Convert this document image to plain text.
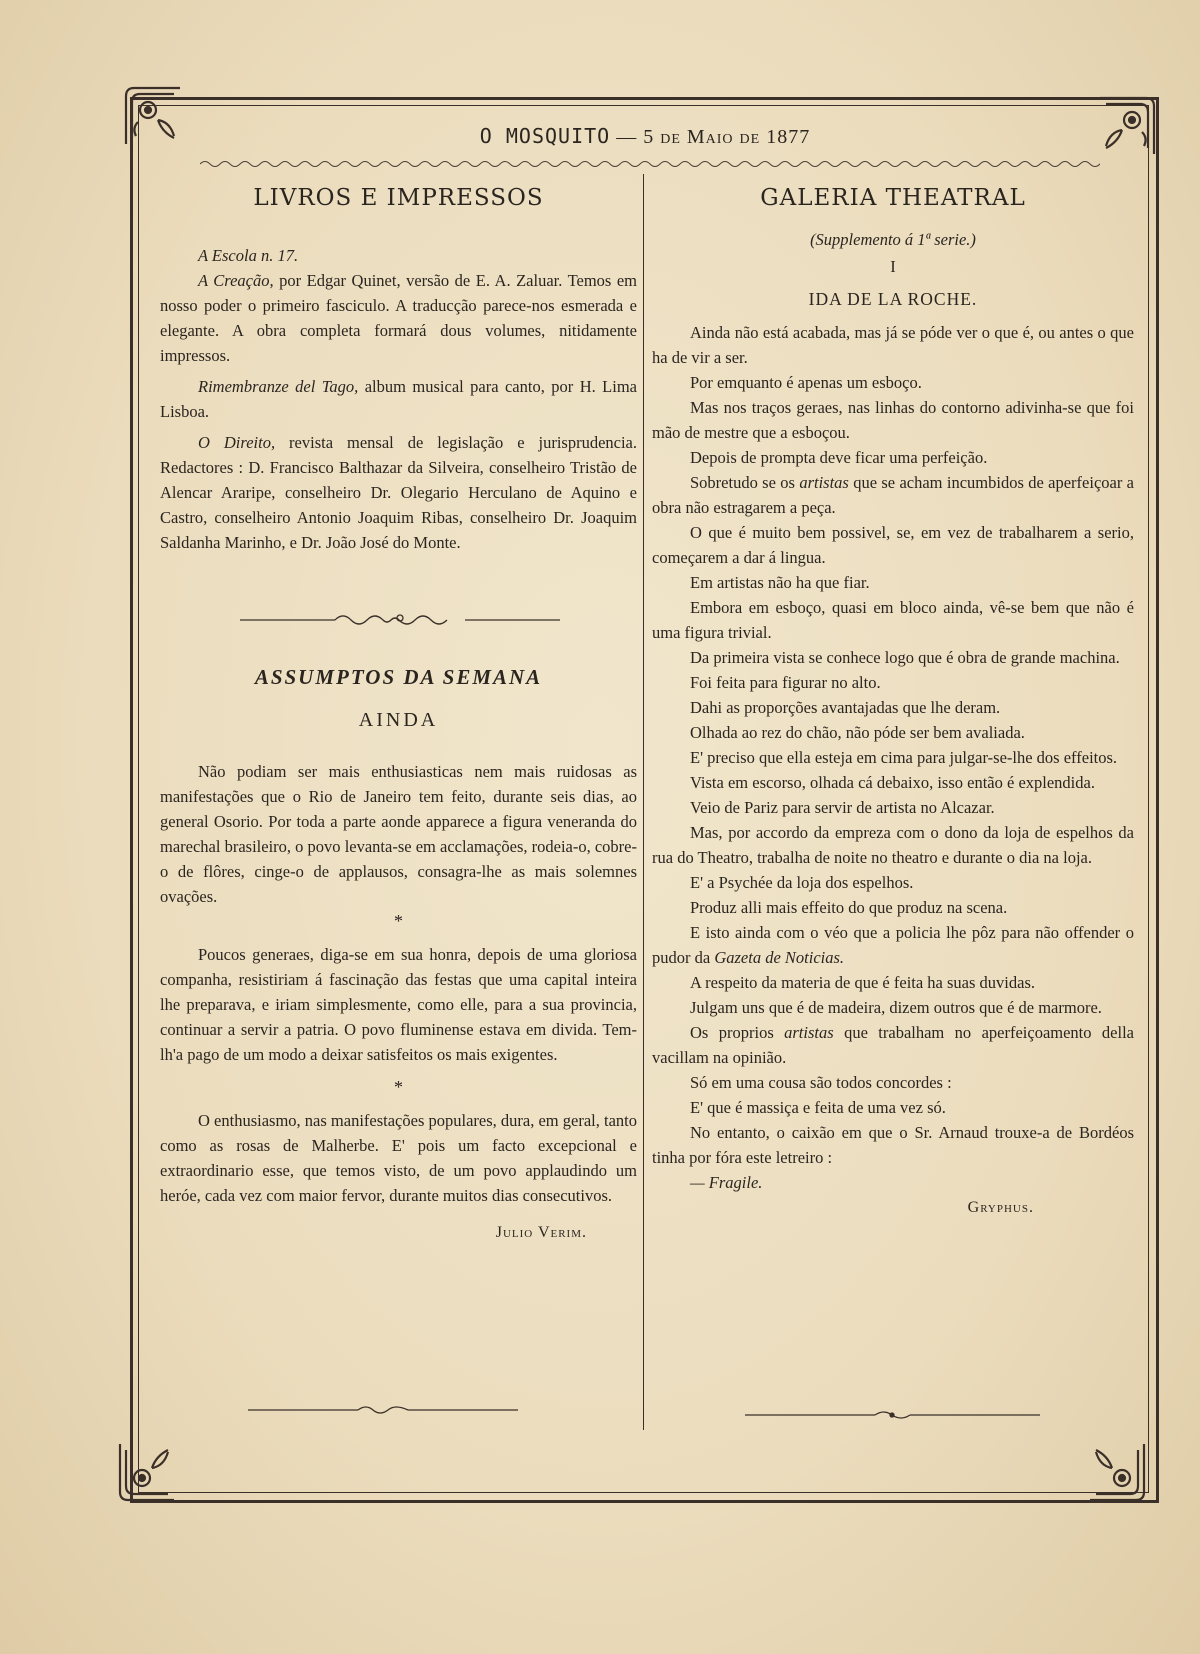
O MOSQUITO — 5 de Maio de 1877
LIVROS E IMPRESSOS

A Escola n. 17.

A Creação, por Edgar Quinet, versão de E. A. Zaluar. Temos em nosso poder o primeiro fasciculo. A traducção parece-nos esmerada e elegante. A obra completa formará dous volumes, nitidamente impressos.

Rimembranze del Tago, album musical para canto, por H. Lima Lisboa.

O Direito, revista mensal de legislação e jurisprudencia. Redactores : D. Francisco Balthazar da Silveira, conselheiro Tristão de Alencar Araripe, conselheiro Dr. Olegario Herculano de Aquino e Castro, conselheiro Antonio Joaquim Ribas, conselheiro Dr. Joaquim Saldanha Marinho, e Dr. João José do Monte.

ASSUMPTOS DA SEMANA
AINDA

Não podiam ser mais enthusiasticas nem mais ruidosas as manifestações que o Rio de Janeiro tem feito, durante seis dias, ao general Osorio. Por toda a parte aonde apparece a figura veneranda do marechal brasileiro, o povo levanta-se em acclamações, rodeia-o, cobre-o de flôres, cinge-o de applausos, consagra-lhe as mais solemnes ovações.

*

Poucos generaes, diga-se em sua honra, depois de uma gloriosa companha, resistiriam á fascinação das festas que uma capital inteira lhe preparava, e iriam simplesmente, como elle, para a sua provincia, continuar a servir a patria. O povo fluminense estava em divida. Tem-lh'a pago de um modo a deixar satisfeitos os mais exigentes.

*

O enthusiasmo, nas manifestações populares, dura, em geral, tanto como as rosas de Malherbe. E' pois um facto excepcional e extraordinario esse, que temos visto, de um povo applaudindo um heróe, cada vez com maior fervor, durante muitos dias consecutivos.

Julio Verim.
GALERIA THEATRAL
(Supplemento á 1ª serie.)
I
IDA DE LA ROCHE.

Ainda não está acabada, mas já se póde ver o que é, ou antes o que ha de vir a ser.

Por emquanto é apenas um esboço.

Mas nos traços geraes, nas linhas do contorno adivinha-se que foi mão de mestre que a esboçou.

Depois de prompta deve ficar uma perfeição.

Sobretudo se os artistas que se acham incumbidos de aperfeiçoar a obra não estragarem a peça.

O que é muito bem possivel, se, em vez de trabalharem a serio, começarem a dar á lingua.

Em artistas não ha que fiar.

Embora em esboço, quasi em bloco ainda, vê-se bem que não é uma figura trivial.

Da primeira vista se conhece logo que é obra de grande machina.

Foi feita para figurar no alto.

Dahi as proporções avantajadas que lhe deram.

Olhada ao rez do chão, não póde ser bem avaliada.

E' preciso que ella esteja em cima para julgar-se-lhe dos effeitos.

Vista em escorso, olhada cá debaixo, isso então é explendida.

Veio de Pariz para servir de artista no Alcazar.

Mas, por accordo da empreza com o dono da loja de espelhos da rua do Theatro, trabalha de noite no theatro e durante o dia na loja.

E' a Psychée da loja dos espelhos.

Produz alli mais effeito do que produz na scena.

E isto ainda com o véo que a policia lhe pôz para não offender o pudor da Gazeta de Noticias.

A respeito da materia de que é feita ha suas duvidas.

Julgam uns que é de madeira, dizem outros que é de marmore.

Os proprios artistas que trabalham no aperfeiçoamento della vacillam na opinião.

Só em uma cousa são todos concordes :

E' que é massiça e feita de uma vez só.

No entanto, o caixão em que o Sr. Arnaud trouxe-a de Bordéos tinha por fóra este letreiro :

— Fragile.

Gryphus.
